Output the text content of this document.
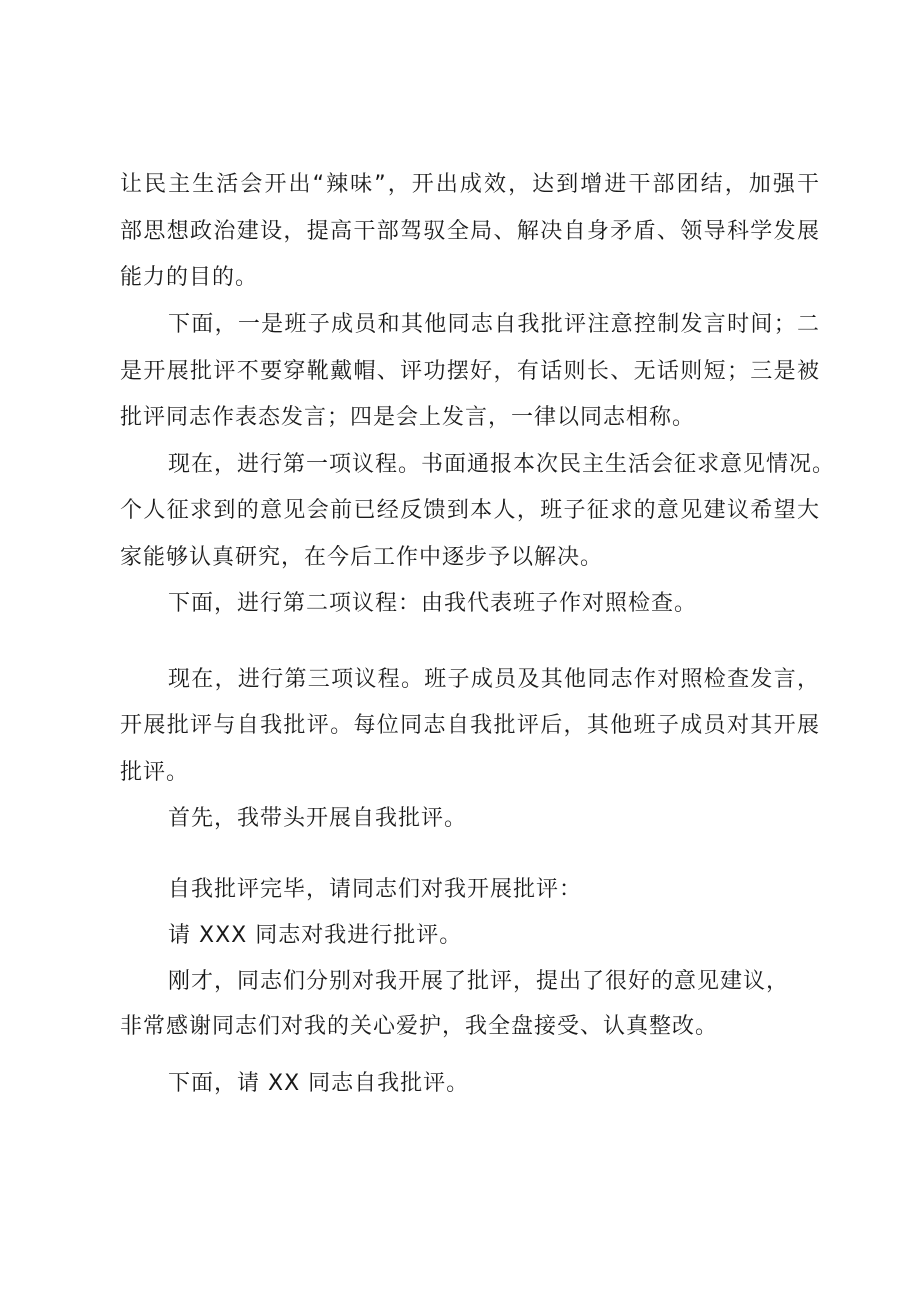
让民主生活会开出“辣味”，开出成效，达到增进干部团结，加强干

部思想政治建设，提高干部驾驭全局、解决自身矛盾、领导科学发展

能力的目的。

下面，一是班子成员和其他同志自我批评注意控制发言时间；二

是开展批评不要穿靴戴帽、评功摆好，有话则长、无话则短；三是被

批评同志作表态发言；四是会上发言，一律以同志相称。

现在，进行第一项议程。书面通报本次民主生活会征求意见情况。

个人征求到的意见会前已经反馈到本人，班子征求的意见建议希望大

家能够认真研究，在今后工作中逐步予以解决。

下面，进行第二项议程：由我代表班子作对照检查。

现在，进行第三项议程。班子成员及其他同志作对照检查发言，

开展批评与自我批评。每位同志自我批评后，其他班子成员对其开展

批评。

首先，我带头开展自我批评。

自我批评完毕，请同志们对我开展批评：

请 XXX 同志对我进行批评。

刚才，同志们分别对我开展了批评，提出了很好的意见建议，

非常感谢同志们对我的关心爱护，我全盘接受、认真整改。

下面，请 XX 同志自我批评。
